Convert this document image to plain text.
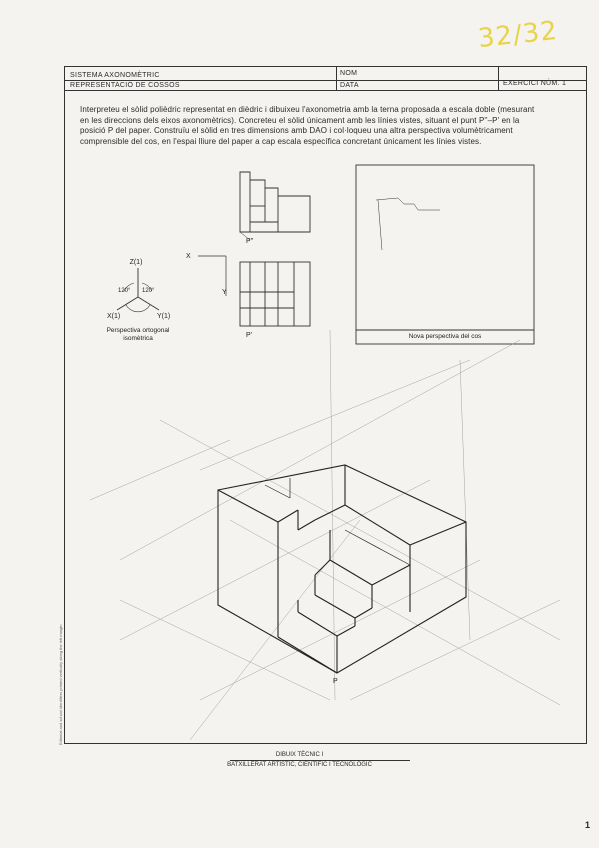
32/32
SISTEMA AXONOMÈTRIC
REPRESENTACIÓ DE COSSOS
NOM
DATA	EXERCICI NÚM. 1
Interpreteu el sòlid polièdric representat en dièdric i dibuixeu l'axonometria amb la terna proposada a escala doble (mesurant en les direccions dels eixos axonomètrics). Concreteu el sòlid únicament amb les línies vistes, situant el punt P''–P' en la posició P del paper. Construïu el sòlid en tres dimensions amb DAO i col·loqueu una altra perspectiva volumètricament comprensible del cos, en l'espai lliure del paper a cap escala específica concretant únicament les línies vistes.
Z(1)
X(1)	Y(1)
120° 120°
Perspectiva ortogonal
isomètrica
P''
P'
X
Y
Nova perspectiva del cos
P
Editorial and school identifiers printed vertically along the left margin
DIBUIX TÈCNIC I
BATXILLERAT ARTÍSTIC, CIENTÍFIC I TECNOLÒGIC
1
